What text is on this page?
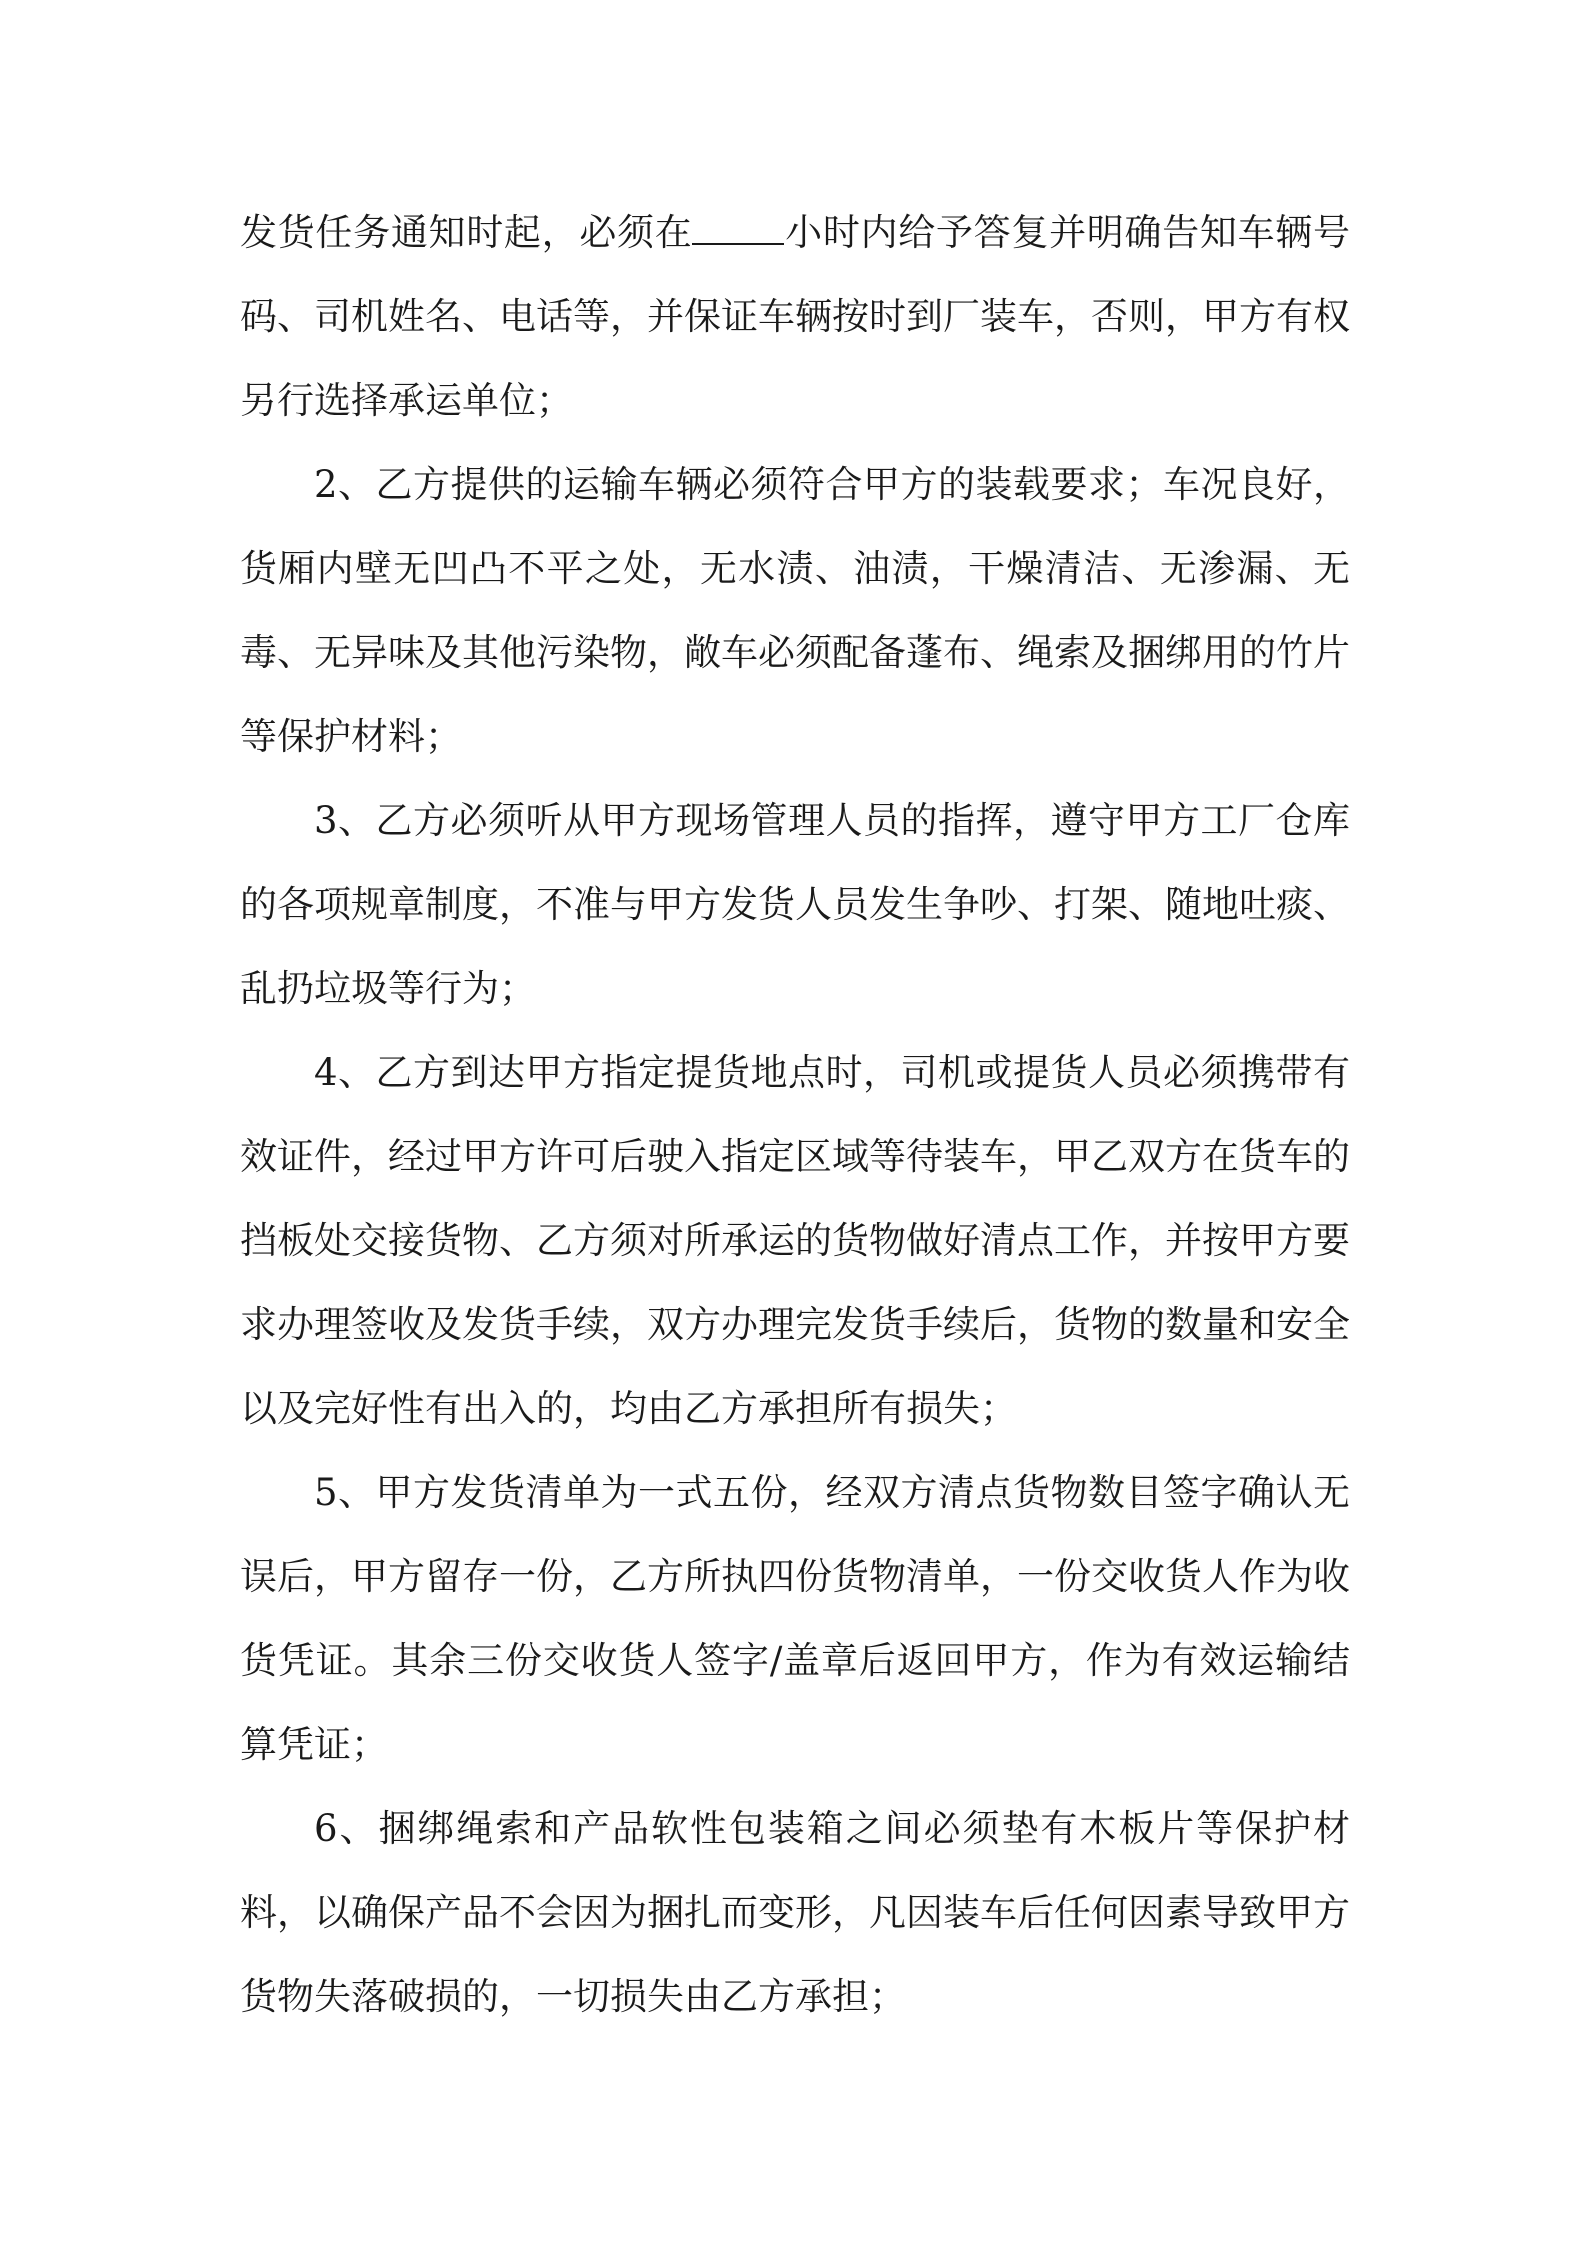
发货任务通知时起，必须在 小时内给予答复并明确告知车辆号码、司机姓名、电话等，并保证车辆按时到厂装车，否则，甲方有权另行选择承运单位；

2、乙方提供的运输车辆必须符合甲方的装载要求；车况良好，货厢内壁无凹凸不平之处，无水渍、油渍，干燥清洁、无渗漏、无毒、无异味及其他污染物，敞车必须配备蓬布、绳索及捆绑用的竹片等保护材料；

3、乙方必须听从甲方现场管理人员的指挥，遵守甲方工厂仓库的各项规章制度，不准与甲方发货人员发生争吵、打架、随地吐痰、乱扔垃圾等行为；

4、乙方到达甲方指定提货地点时，司机或提货人员必须携带有效证件，经过甲方许可后驶入指定区域等待装车，甲乙双方在货车的挡板处交接货物、乙方须对所承运的货物做好清点工作，并按甲方要求办理签收及发货手续，双方办理完发货手续后，货物的数量和安全以及完好性有出入的，均由乙方承担所有损失；

5、甲方发货清单为一式五份，经双方清点货物数目签字确认无误后，甲方留存一份，乙方所执四份货物清单，一份交收货人作为收货凭证。其余三份交收货人签字/盖章后返回甲方，作为有效运输结算凭证；

6、捆绑绳索和产品软性包装箱之间必须垫有木板片等保护材料，以确保产品不会因为捆扎而变形，凡因装车后任何因素导致甲方货物失落破损的，一切损失由乙方承担；
